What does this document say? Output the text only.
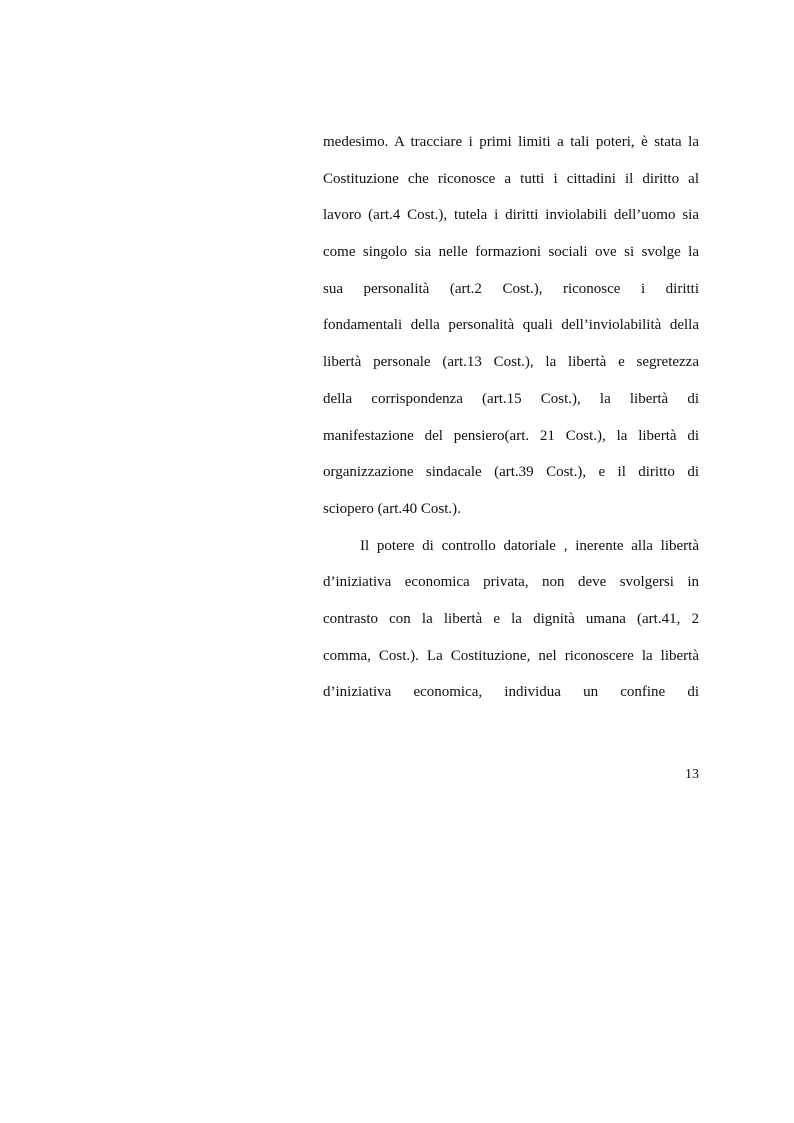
medesimo. A tracciare i primi limiti a tali poteri, è stata la
Costituzione che riconosce a tutti i cittadini il diritto al
lavoro (art.4 Cost.), tutela i diritti inviolabili dell’uomo sia
come singolo sia nelle formazioni sociali ove si svolge la
sua personalità (art.2 Cost.), riconosce i diritti
fondamentali della personalità quali dell’inviolabilità della
libertà personale (art.13 Cost.), la libertà e segretezza
della corrispondenza (art.15 Cost.), la libertà di
manifestazione del pensiero(art. 21 Cost.), la libertà di
organizzazione sindacale (art.39 Cost.), e il diritto di
sciopero (art.40 Cost.).
Il potere di controllo datoriale , inerente alla libertà
d’iniziativa economica privata, non deve svolgersi in
contrasto con la libertà e la dignità umana (art.41, 2
comma, Cost.). La Costituzione, nel riconoscere la libertà
d’iniziativa economica, individua un confine di
13
